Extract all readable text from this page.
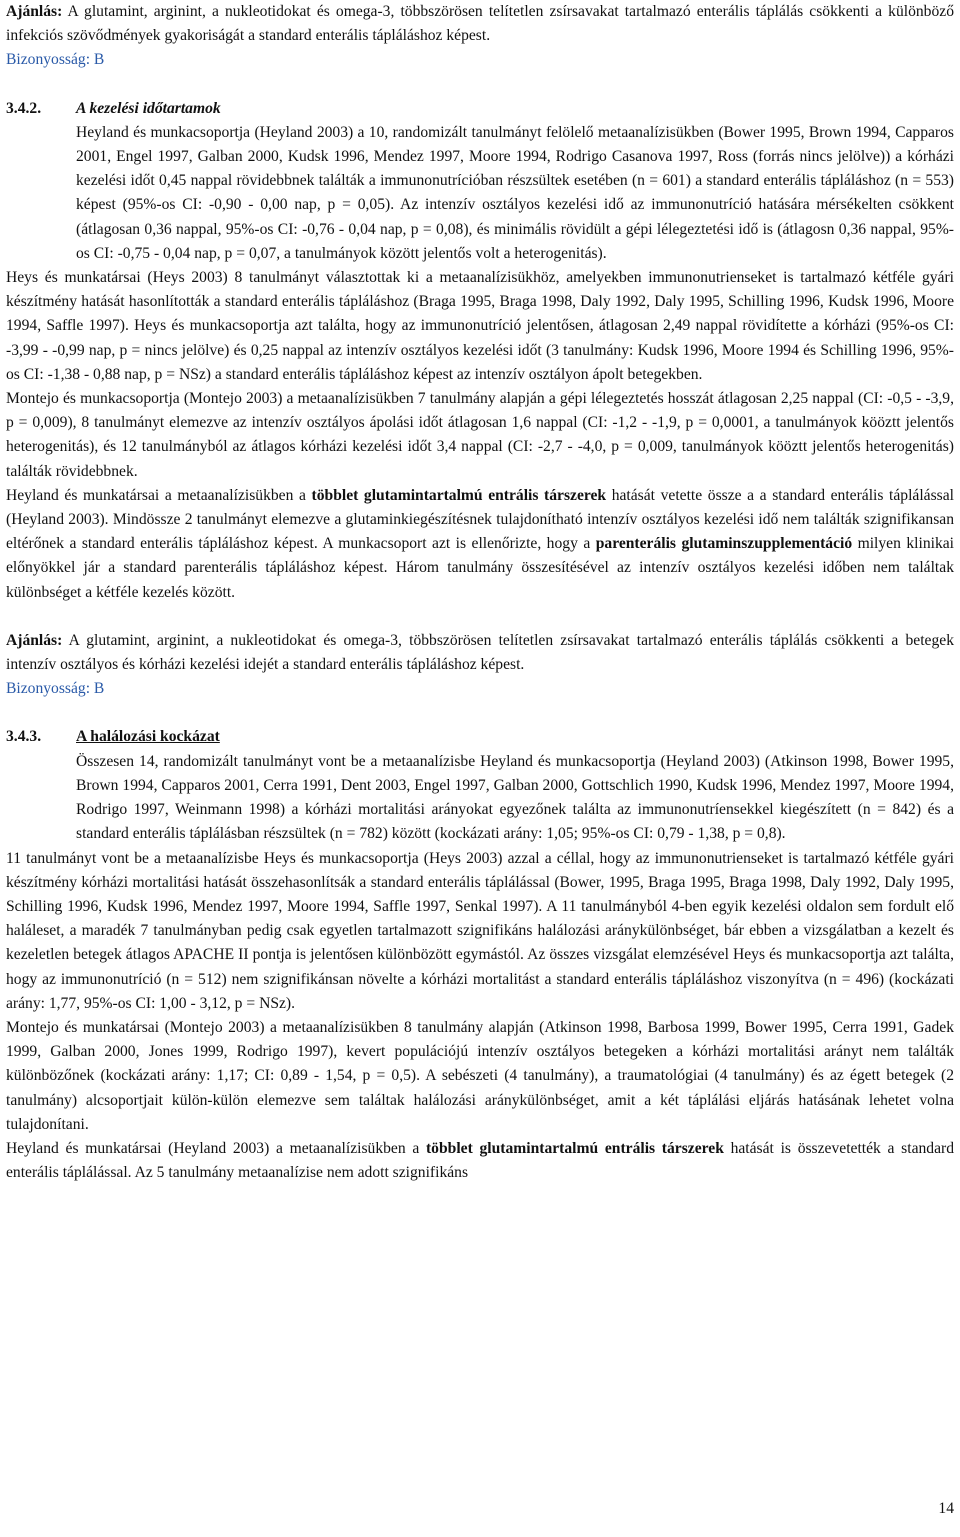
Ajánlás: A glutamint, arginint, a nukleotidokat és omega-3, többszörösen telítetlen zsírsavakat tartalmazó enterális táplálás csökkenti a különböző infekciós szövődmények gyakoriságát a standard enterális tápláláshoz képest.

Bizonyosság: B

3.4.2. A kezelési időtartamok

Heyland és munkacsoportja (Heyland 2003) a 10, randomizált tanulmányt felölelő metaanalízisükben (Bower 1995, Brown 1994, Capparos 2001, Engel 1997, Galban 2000, Kudsk 1996, Mendez 1997, Moore 1994, Rodrigo Casanova 1997, Ross (forrás nincs jelölve)) a kórházi kezelési időt 0,45 nappal rövidebbnek találták a immunonutrícióban részsültek esetében (n = 601) a standard enterális tápláláshoz (n = 553) képest (95%-os CI: -0,90 - 0,00 nap, p = 0,05). Az intenzív osztályos kezelési idő az immunonutríció hatására mérsékelten csökkent (átlagosan 0,36 nappal, 95%-os CI: -0,76 - 0,04 nap, p = 0,08), és minimális rövidült a gépi lélegeztetési idő is (átlagosn 0,36 nappal, 95%-os CI: -0,75 - 0,04 nap, p = 0,07, a tanulmányok között jelentős volt a heterogenitás).

Heys és munkatársai (Heys 2003) 8 tanulmányt választottak ki a metaanalízisükhöz, amelyekben immunonutrienseket is tartalmazó kétféle gyári készítmény hatását hasonlították a standard enterális tápláláshoz (Braga 1995, Braga 1998, Daly 1992, Daly 1995, Schilling 1996, Kudsk 1996, Moore 1994, Saffle 1997). Heys és munkacsoportja azt találta, hogy az immunonutríció jelentősen, átlagosan 2,49 nappal rövidítette a kórházi (95%-os CI: -3,99 - -0,99 nap, p = nincs jelölve) és 0,25 nappal az intenzív osztályos kezelési időt (3 tanulmány: Kudsk 1996, Moore 1994 és Schilling 1996, 95%-os CI: -1,38 - 0,88 nap, p = NSz) a standard enterális tápláláshoz képest az intenzív osztályon ápolt betegekben.

Montejo és munkacsoportja (Montejo 2003) a metaanalízisükben 7 tanulmány alapján a gépi lélegeztetés hosszát átlagosan 2,25 nappal (CI: -0,5 - -3,9, p = 0,009), 8 tanulmányt elemezve az intenzív osztályos ápolási időt átlagosan 1,6 nappal (CI: -1,2 - -1,9, p = 0,0001, a tanulmányok kööztt jelentős heterogenitás), és 12 tanulmányból az átlagos kórházi kezelési időt 3,4 nappal (CI: -2,7 - -4,0, p = 0,009, tanulmányok kööztt jelentős heterogenitás) találták rövidebbnek.

Heyland és munkatársai a metaanalízisükben a többlet glutamintartalmú entrális társzerek hatását vetette össze a a standard enterális táplálással (Heyland 2003). Mindössze 2 tanulmányt elemezve a glutaminkiegészítésnek tulajdonítható intenzív osztályos kezelési idő nem találták szignifikansan eltérőnek a standard enterális tápláláshoz képest. A munkacsoport azt is ellenőrizte, hogy a parenterális glutaminszupplementáció milyen klinikai előnyökkel jár a standard parenterális tápláláshoz képest. Három tanulmány összesítésével az intenzív osztályos kezelési időben nem találtak különbséget a kétféle kezelés között.

Ajánlás: A glutamint, arginint, a nukleotidokat és omega-3, többszörösen telítetlen zsírsavakat tartalmazó enterális táplálás csökkenti a betegek intenzív osztályos és kórházi kezelési idejét a standard enterális tápláláshoz képest.

Bizonyosság: B

3.4.3. A halálozási kockázat

Összesen 14, randomizált tanulmányt vont be a metaanalízisbe Heyland és munkacsoportja (Heyland 2003) (Atkinson 1998, Bower 1995, Brown 1994, Capparos 2001, Cerra 1991, Dent 2003, Engel 1997, Galban 2000, Gottschlich 1990, Kudsk 1996, Mendez 1997, Moore 1994, Rodrigo 1997, Weinmann 1998) a kórházi mortalitási arányokat egyezőnek találta az immunonutríensekkel kiegészített (n = 842) és a standard enterális táplálásban részsültek (n = 782) között (kockázati arány: 1,05; 95%-os CI: 0,79 - 1,38, p = 0,8).

11 tanulmányt vont be a metaanalízisbe Heys és munkacsoportja (Heys 2003) azzal a céllal, hogy az immunonutrienseket is tartalmazó kétféle gyári készítmény kórházi mortalitási hatását összehasonlítsák a standard enterális táplálással (Bower, 1995, Braga 1995, Braga 1998, Daly 1992, Daly 1995, Schilling 1996, Kudsk 1996, Mendez 1997, Moore 1994, Saffle 1997, Senkal 1997). A 11 tanulmányból 4-ben egyik kezelési oldalon sem fordult elő haláleset, a maradék 7 tanulmányban pedig csak egyetlen tartalmazott szignifikáns halálozási aránykülönbséget, bár ebben a vizsgálatban a kezelt és kezeletlen betegek átlagos APACHE II pontja is jelentősen különbözött egymástól. Az összes vizsgálat elemzésével Heys és munkacsoportja azt találta, hogy az immunonutríció (n = 512) nem szignifikánsan növelte a kórházi mortalitást a standard enterális tápláláshoz viszonyítva (n = 496) (kockázati arány: 1,77, 95%-os CI: 1,00 - 3,12, p = NSz).

Montejo és munkatársai (Montejo 2003) a metaanalízisükben 8 tanulmány alapján (Atkinson 1998, Barbosa 1999, Bower 1995, Cerra 1991, Gadek 1999, Galban 2000, Jones 1999, Rodrigo 1997), kevert populációjú intenzív osztályos betegeken a kórházi mortalitási arányt nem találták különbözőnek (kockázati arány: 1,17; CI: 0,89 - 1,54, p = 0,5). A sebészeti (4 tanulmány), a traumatológiai (4 tanulmány) és az égett betegek (2 tanulmány) alcsoportjait külön-külön elemezve sem találtak halálozási aránykülönbséget, amit a két táplálási eljárás hatásának lehetet volna tulajdonítani.

Heyland és munkatársai (Heyland 2003) a metaanalízisükben a többlet glutamintartalmú entrális társzerek hatását is összevetették a standard enterális táplálással. Az 5 tanulmány metaanalízise nem adott szignifikáns

14
